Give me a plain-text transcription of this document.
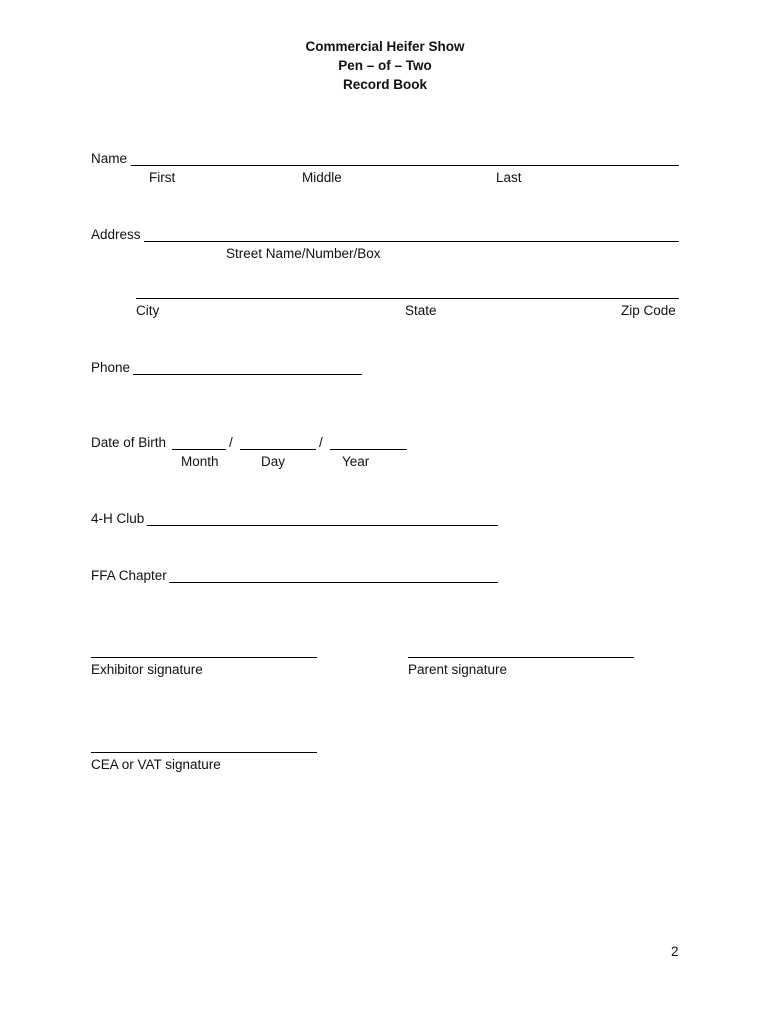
Commercial Heifer Show
Pen – of – Two
Record Book
Name
First	Middle	Last
Address
Street Name/Number/Box
City	State	Zip Code
Phone
Date of Birth	/	/
Month	Day	Year
4-H Club
FFA Chapter
Exhibitor signature	Parent signature
CEA or VAT signature
2
